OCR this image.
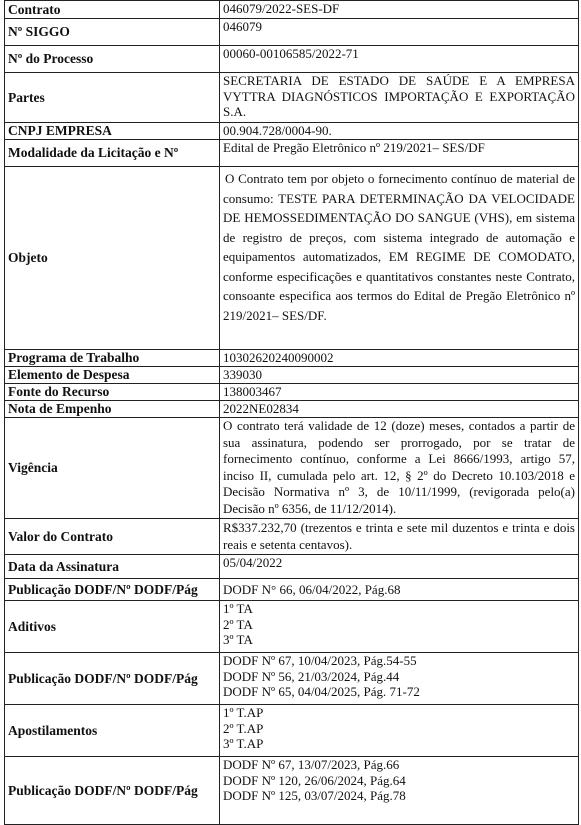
Contrato	046079/2022-SES-DF
Nº SIGGO	046079
Nº do Processo	00060-00106585/2022-71
Partes	SECRETARIA DE ESTADO DE SAÚDE E A EMPRESA VYTTRA DIAGNÓSTICOS IMPORTAÇÃO E EXPORTAÇÃO S.A.
CNPJ EMPRESA	00.904.728/0004-90.
Modalidade da Licitação e Nº	Edital de Pregão Eletrônico nº 219/2021– SES/DF
Objeto	O Contrato tem por objeto o fornecimento contínuo de material de consumo: TESTE PARA DETERMINAÇÃO DA VELOCIDADE DE HEMOSSEDIMENTAÇÃO DO SANGUE (VHS), em sistema de registro de preços, com sistema integrado de automação e equipamentos automatizados, EM REGIME DE COMODATO, conforme especificações e quantitativos constantes neste Contrato, consoante especifica aos termos do Edital de Pregão Eletrônico nº 219/2021– SES/DF.
Programa de Trabalho	10302620240090002
Elemento de Despesa	339030
Fonte do Recurso	138003467
Nota de Empenho	2022NE02834
Vigência	O contrato terá validade de 12 (doze) meses, contados a partir de sua assinatura, podendo ser prorrogado, por se tratar de fornecimento contínuo, conforme a Lei 8666/1993, artigo 57, inciso II, cumulada pelo art. 12, § 2º do Decreto 10.103/2018 e Decisão Normativa nº 3, de 10/11/1999, (revigorada pelo(a) Decisão nº 6356, de 11/12/2014).
Valor do Contrato	R$337.232,70 (trezentos e trinta e sete mil duzentos e trinta e dois reais e setenta centavos).
Data da Assinatura	05/04/2022
Publicação DODF/Nº DODF/Pág	DODF N° 66, 06/04/2022, Pág.68
Aditivos	1º TA
2º TA
3º TA

Publicação DODF/Nº DODF/Pág	DODF Nº 67, 10/04/2023, Pág.54-55
DODF Nº 56, 21/03/2024, Pág.44
DODF Nº 65, 04/04/2025, Pág. 71-72

Apostilamentos	1º T.AP
2º T.AP
3º T.AP

Publicação DODF/Nº DODF/Pág	DODF Nº 67, 13/07/2023, Pág.66
DODF Nº 120, 26/06/2024, Pág.64
DODF Nº 125, 03/07/2024, Pág.78
